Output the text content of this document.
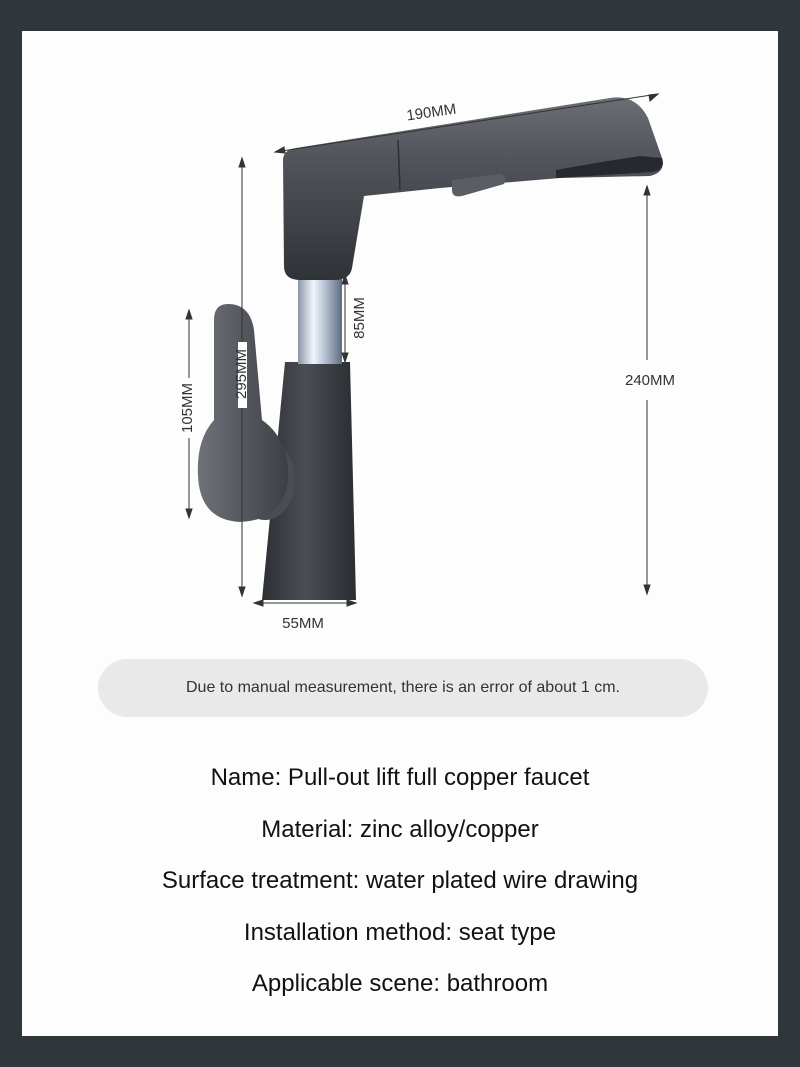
190MM
85MM
240MM
295MM
105MM
55MM
Due to manual measurement, there is an error of about 1 cm.
Name: Pull-out lift full copper faucet
Material: zinc alloy/copper
Surface treatment: water plated wire drawing
Installation method: seat type
Applicable scene: bathroom
